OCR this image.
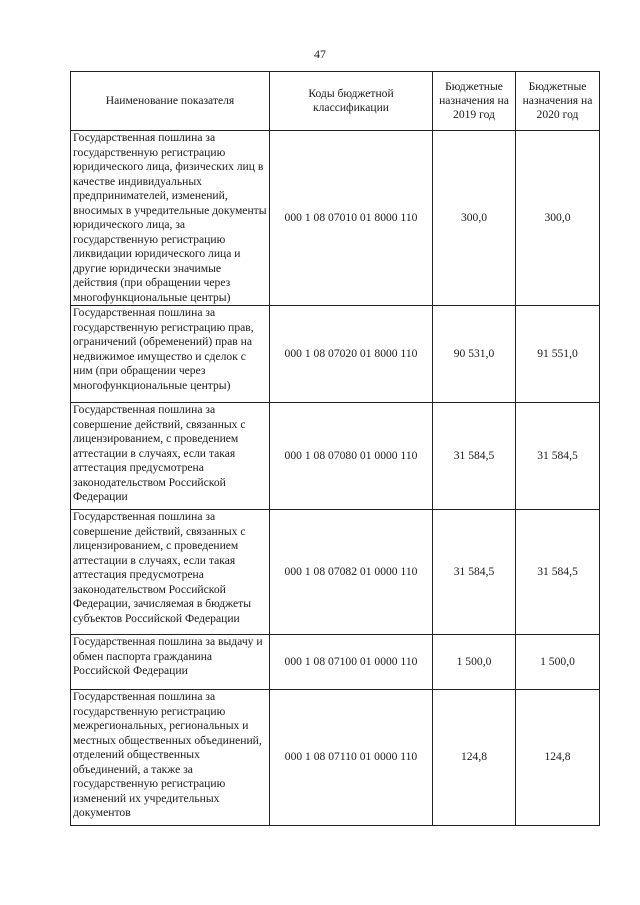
47
Наименование показателя	Коды бюджетной классификации	Бюджетные назначения на 2019 год	Бюджетные назначения на 2020 год
Государственная пошлина за государственную регистрацию юридического лица, физических лиц в качестве индивидуальных предпринимателей, изменений, вносимых в учредительные документы юридического лица, за государственную регистрацию ликвидации юридического лица и другие юридически значимые действия (при обращении через многофункциональные центры)	000 1 08 07010 01 8000 110	300,0	300,0
Государственная пошлина за государственную регистрацию прав, ограничений (обременений) прав на недвижимое имущество и сделок с ним (при обращении через многофункциональные центры)	000 1 08 07020 01 8000 110	90 531,0	91 551,0
Государственная пошлина за совершение действий, связанных с лицензированием, с проведением аттестации в случаях, если такая аттестация предусмотрена законодательством Российской Федерации	000 1 08 07080 01 0000 110	31 584,5	31 584,5
Государственная пошлина за совершение действий, связанных с лицензированием, с проведением аттестации в случаях, если такая аттестация предусмотрена законодательством Российской Федерации, зачисляемая в бюджеты субъектов Российской Федерации	000 1 08 07082 01 0000 110	31 584,5	31 584,5
Государственная пошлина за выдачу и обмен паспорта гражданина Российской Федерации	000 1 08 07100 01 0000 110	1 500,0	1 500,0
Государственная пошлина за государственную регистрацию межрегиональных, региональных и местных общественных объединений, отделений общественных объединений, а также за государственную регистрацию изменений их учредительных документов	000 1 08 07110 01 0000 110	124,8	124,8
